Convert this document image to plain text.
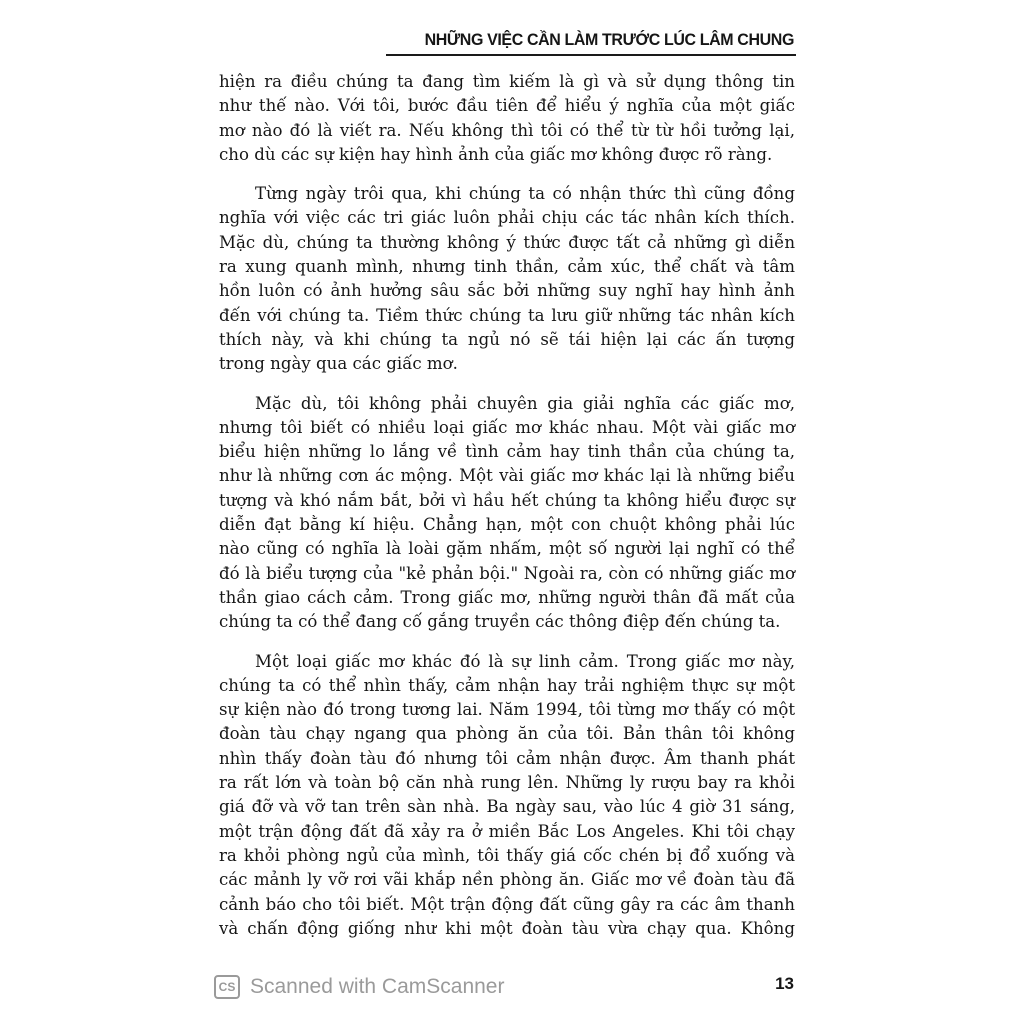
NHỮNG VIỆC CẦN LÀM TRƯỚC LÚC LÂM CHUNG
hiện ra điều chúng ta đang tìm kiếm là gì và sử dụng thông tin
như thế nào. Với tôi, bước đầu tiên để hiểu ý nghĩa của một giấc
mơ nào đó là viết ra. Nếu không thì tôi có thể từ từ hồi tưởng lại,
cho dù các sự kiện hay hình ảnh của giấc mơ không được rõ ràng.
Từng ngày trôi qua, khi chúng ta có nhận thức thì cũng đồng
nghĩa với việc các tri giác luôn phải chịu các tác nhân kích thích.
Mặc dù, chúng ta thường không ý thức được tất cả những gì diễn
ra xung quanh mình, nhưng tinh thần, cảm xúc, thể chất và tâm
hồn luôn có ảnh hưởng sâu sắc bởi những suy nghĩ hay hình ảnh
đến với chúng ta. Tiềm thức chúng ta lưu giữ những tác nhân kích
thích này, và khi chúng ta ngủ nó sẽ tái hiện lại các ấn tượng
trong ngày qua các giấc mơ.
Mặc dù, tôi không phải chuyên gia giải nghĩa các giấc mơ,
nhưng tôi biết có nhiều loại giấc mơ khác nhau. Một vài giấc mơ
biểu hiện những lo lắng về tình cảm hay tinh thần của chúng ta,
như là những cơn ác mộng. Một vài giấc mơ khác lại là những biểu
tượng và khó nắm bắt, bởi vì hầu hết chúng ta không hiểu được sự
diễn đạt bằng kí hiệu. Chẳng hạn, một con chuột không phải lúc
nào cũng có nghĩa là loài gặm nhấm, một số người lại nghĩ có thể
đó là biểu tượng của "kẻ phản bội." Ngoài ra, còn có những giấc mơ
thần giao cách cảm. Trong giấc mơ, những người thân đã mất của
chúng ta có thể đang cố gắng truyền các thông điệp đến chúng ta.
Một loại giấc mơ khác đó là sự linh cảm. Trong giấc mơ này,
chúng ta có thể nhìn thấy, cảm nhận hay trải nghiệm thực sự một
sự kiện nào đó trong tương lai. Năm 1994, tôi từng mơ thấy có một
đoàn tàu chạy ngang qua phòng ăn của tôi. Bản thân tôi không
nhìn thấy đoàn tàu đó nhưng tôi cảm nhận được. Âm thanh phát
ra rất lớn và toàn bộ căn nhà rung lên. Những ly rượu bay ra khỏi
giá đỡ và vỡ tan trên sàn nhà. Ba ngày sau, vào lúc 4 giờ 31 sáng,
một trận động đất đã xảy ra ở miền Bắc Los Angeles. Khi tôi chạy
ra khỏi phòng ngủ của mình, tôi thấy giá cốc chén bị đổ xuống và
các mảnh ly vỡ rơi vãi khắp nền phòng ăn. Giấc mơ về đoàn tàu đã
cảnh báo cho tôi biết. Một trận động đất cũng gây ra các âm thanh
và chấn động giống như khi một đoàn tàu vừa chạy qua. Không
CS Scanned with CamScanner	13
